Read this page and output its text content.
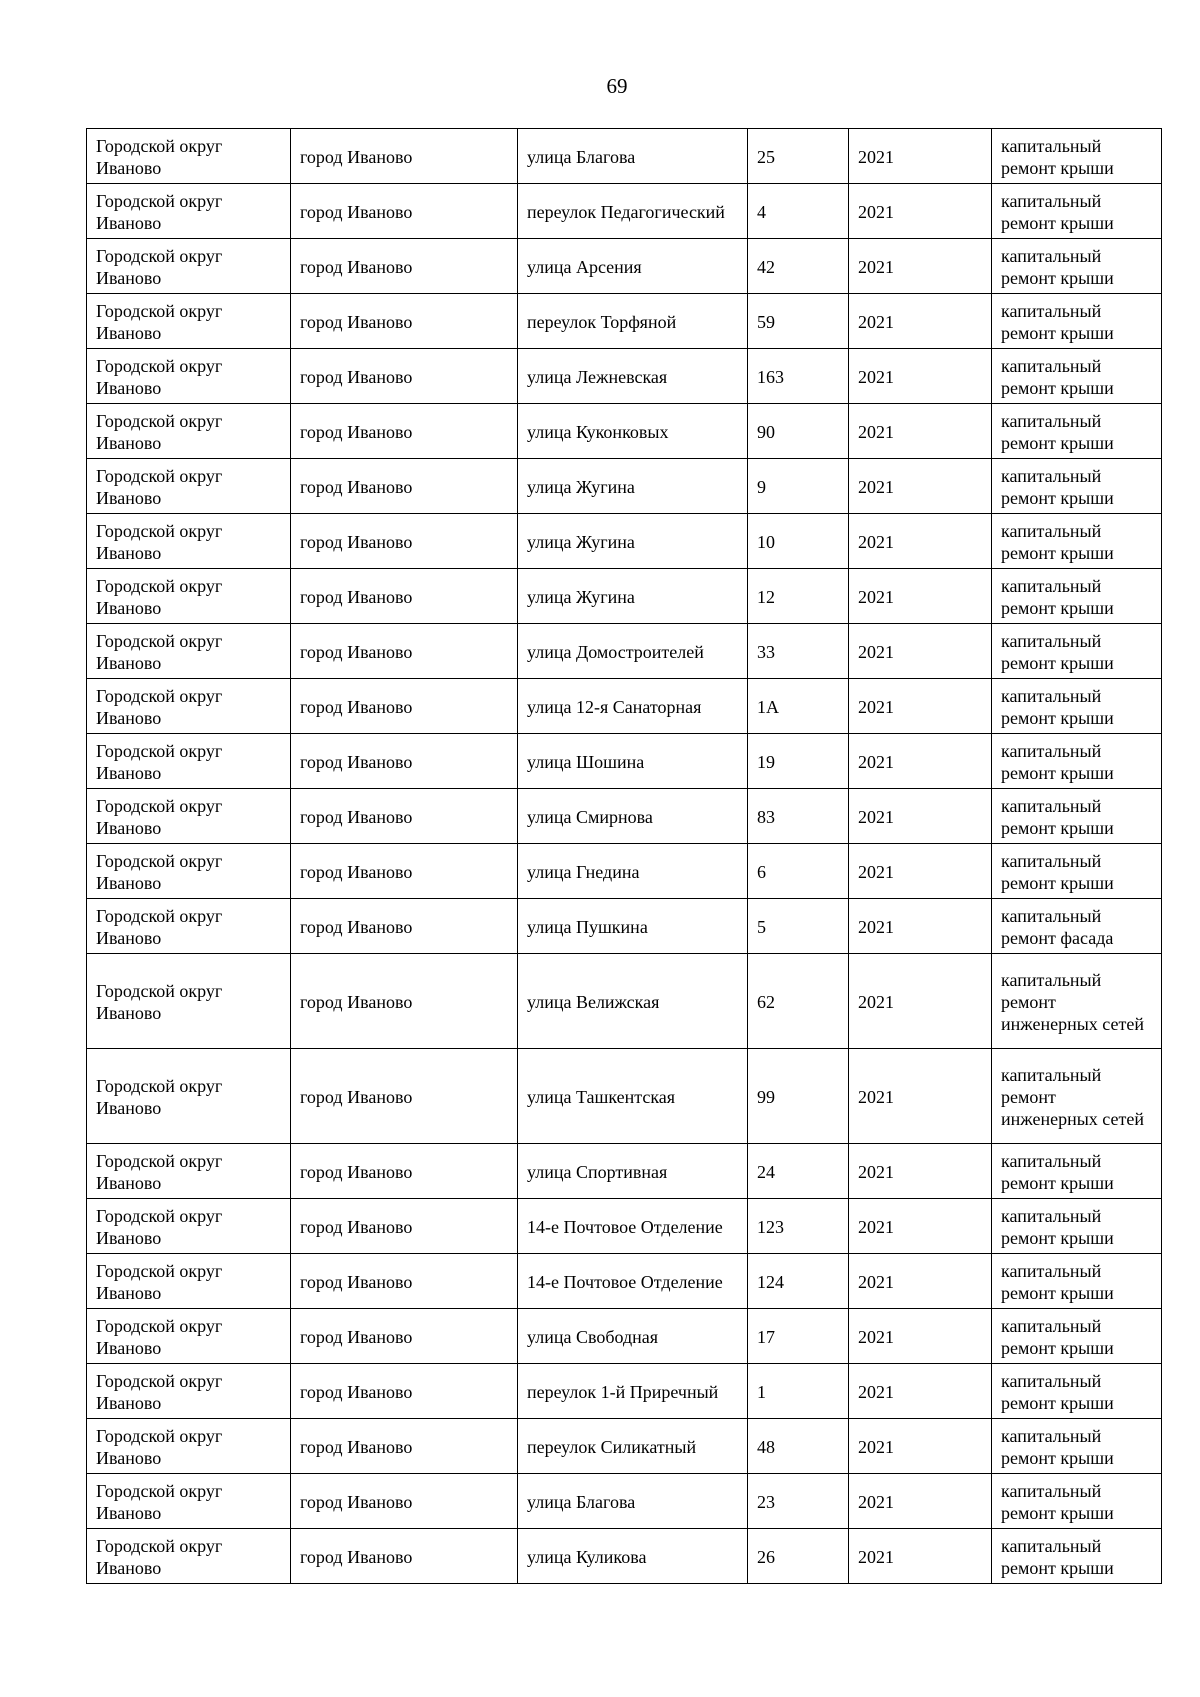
69
Городской округ Иваново	город Иваново	улица Благова	25	2021	капитальный ремонт крыши
Городской округ Иваново	город Иваново	переулок Педагогический	4	2021	капитальный ремонт крыши
Городской округ Иваново	город Иваново	улица Арсения	42	2021	капитальный ремонт крыши
Городской округ Иваново	город Иваново	переулок Торфяной	59	2021	капитальный ремонт крыши
Городской округ Иваново	город Иваново	улица Лежневская	163	2021	капитальный ремонт крыши
Городской округ Иваново	город Иваново	улица Куконковых	90	2021	капитальный ремонт крыши
Городской округ Иваново	город Иваново	улица Жугина	9	2021	капитальный ремонт крыши
Городской округ Иваново	город Иваново	улица Жугина	10	2021	капитальный ремонт крыши
Городской округ Иваново	город Иваново	улица Жугина	12	2021	капитальный ремонт крыши
Городской округ Иваново	город Иваново	улица Домостроителей	33	2021	капитальный ремонт крыши
Городской округ Иваново	город Иваново	улица 12-я Санаторная	1А	2021	капитальный ремонт крыши
Городской округ Иваново	город Иваново	улица Шошина	19	2021	капитальный ремонт крыши
Городской округ Иваново	город Иваново	улица Смирнова	83	2021	капитальный ремонт крыши
Городской округ Иваново	город Иваново	улица Гнедина	6	2021	капитальный ремонт крыши
Городской округ Иваново	город Иваново	улица Пушкина	5	2021	капитальный ремонт фасада
Городской округ Иваново	город Иваново	улица Велижская	62	2021	капитальный ремонт инженерных сетей
Городской округ Иваново	город Иваново	улица Ташкентская	99	2021	капитальный ремонт инженерных сетей
Городской округ Иваново	город Иваново	улица Спортивная	24	2021	капитальный ремонт крыши
Городской округ Иваново	город Иваново	14-е Почтовое Отделение	123	2021	капитальный ремонт крыши
Городской округ Иваново	город Иваново	14-е Почтовое Отделение	124	2021	капитальный ремонт крыши
Городской округ Иваново	город Иваново	улица Свободная	17	2021	капитальный ремонт крыши
Городской округ Иваново	город Иваново	переулок 1-й Приречный	1	2021	капитальный ремонт крыши
Городской округ Иваново	город Иваново	переулок Силикатный	48	2021	капитальный ремонт крыши
Городской округ Иваново	город Иваново	улица Благова	23	2021	капитальный ремонт крыши
Городской округ Иваново	город Иваново	улица Куликова	26	2021	капитальный ремонт крыши
